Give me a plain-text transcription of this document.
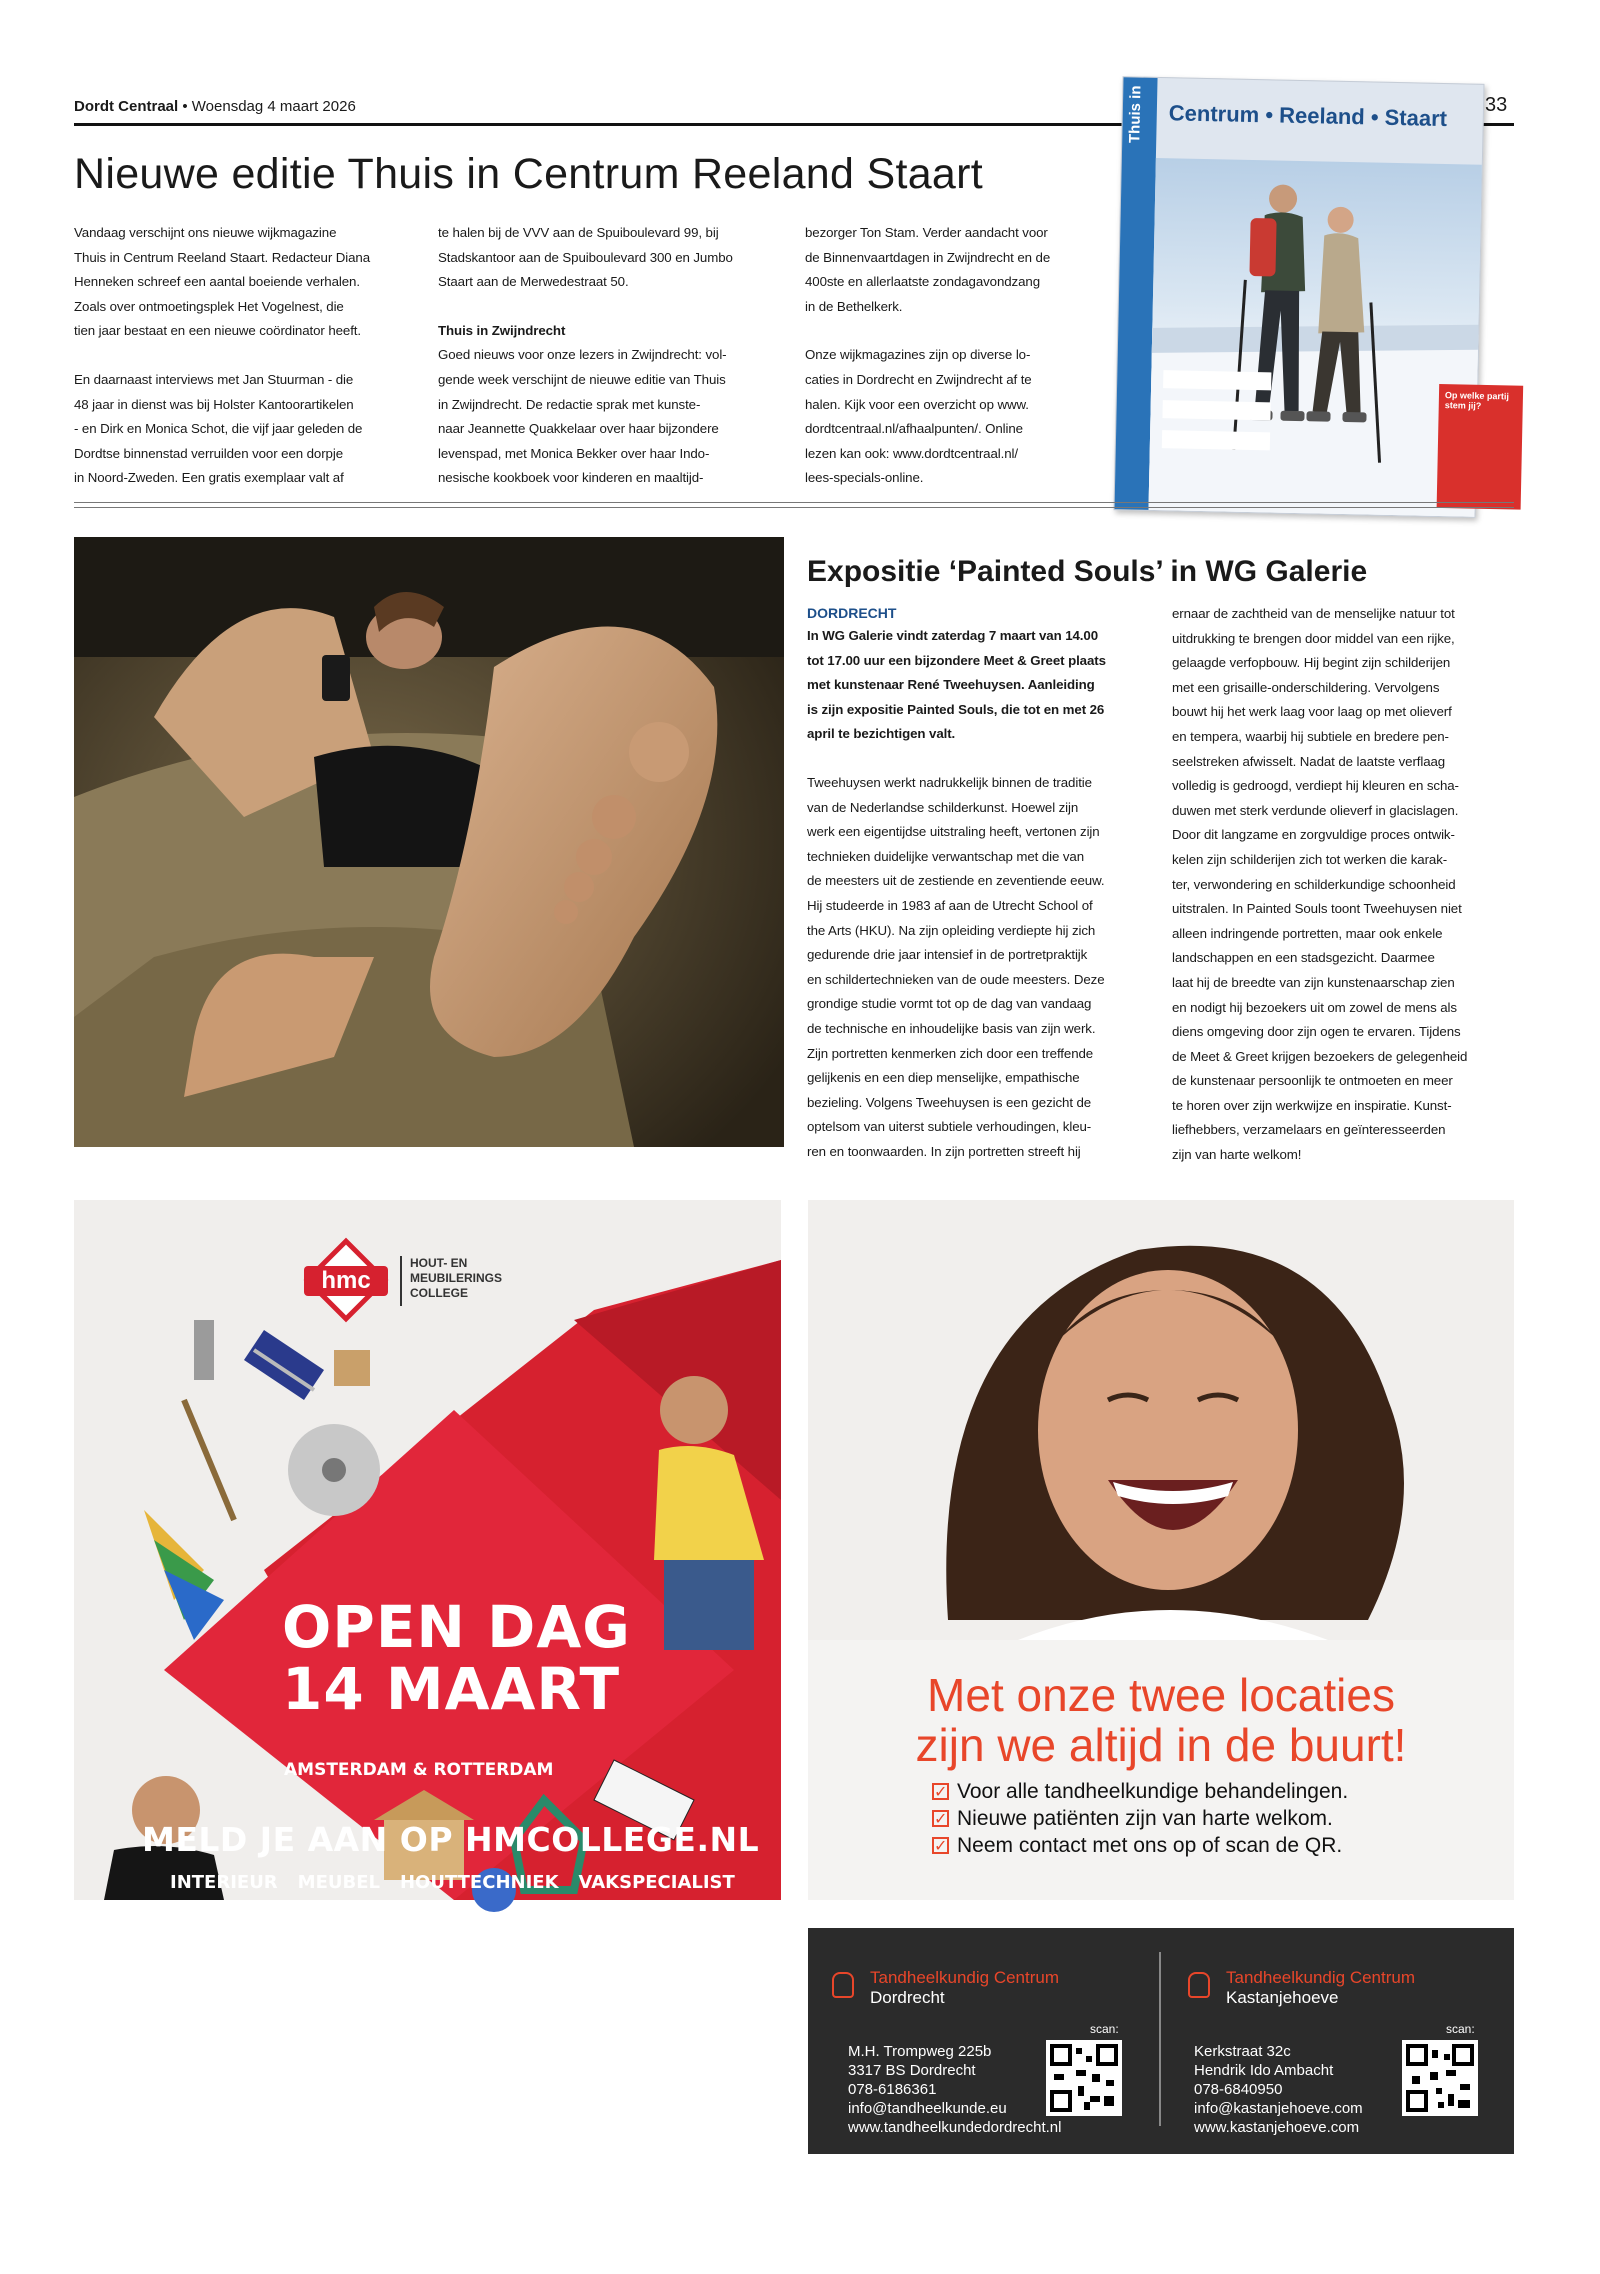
Dordt Centraal • Woensdag 4 maart 2026	33
Nieuwe editie Thuis in Centrum Reeland Staart

Vandaag verschijnt ons nieuwe wijkmagazine

Thuis in Centrum Reeland Staart. Redacteur Diana

Henneken schreef een aantal boeiende verhalen.

Zoals over ontmoetingsplek Het Vogelnest, die

tien jaar bestaat en een nieuwe coördinator heeft.

En daarnaast interviews met Jan Stuurman - die

48 jaar in dienst was bij Holster Kantoorartikelen

- en Dirk en Monica Schot, die vijf jaar geleden de

Dordtse binnenstad verruilden voor een dorpje

in Noord-Zweden. Een gratis exemplaar valt af

te halen bij de VVV aan de Spuiboulevard 99, bij

Stadskantoor aan de Spuiboulevard 300 en Jumbo

Staart aan de Merwedestraat 50.

Thuis in Zwijndrecht

Goed nieuws voor onze lezers in Zwijndrecht: vol-

gende week verschijnt de nieuwe editie van Thuis

in Zwijndrecht. De redactie sprak met kunste-

naar Jeannette Quakkelaar over haar bijzondere

levenspad, met Monica Bekker over haar Indo-

nesische kookboek voor kinderen en maaltijd-

bezorger Ton Stam. Verder aandacht voor

de Binnenvaartdagen in Zwijndrecht en de

400ste en allerlaatste zondagavondzang

in de Bethelkerk.

Onze wijkmagazines zijn op diverse lo-

caties in Dordrecht en Zwijndrecht af te

halen. Kijk voor een overzicht op www.

dordtcentraal.nl/afhaalpunten/. Online

lezen kan ook: www.dordtcentraal.nl/

lees-specials-online.

Thuis in Centrum • Reeland • Staart
Op welke partij stem jij?
Expositie ‘Painted Souls’ in WG Galerie
DORDRECHT

In WG Galerie vindt zaterdag 7 maart van 14.00

tot 17.00 uur een bijzondere Meet & Greet plaats

met kunstenaar René Tweehuysen. Aanleiding

is zijn expositie Painted Souls, die tot en met 26

april te bezichtigen valt.

Tweehuysen werkt nadrukkelijk binnen de traditie

van de Nederlandse schilderkunst. Hoewel zijn

werk een eigentijdse uitstraling heeft, vertonen zijn

technieken duidelijke verwantschap met die van

de meesters uit de zestiende en zeventiende eeuw.

Hij studeerde in 1983 af aan de Utrecht School of

the Arts (HKU). Na zijn opleiding verdiepte hij zich

gedurende drie jaar intensief in de portretpraktijk

en schildertechnieken van de oude meesters. Deze

grondige studie vormt tot op de dag van vandaag

de technische en inhoudelijke basis van zijn werk.

Zijn portretten kenmerken zich door een treffende

gelijkenis en een diep menselijke, empathische

bezieling. Volgens Tweehuysen is een gezicht de

optelsom van uiterst subtiele verhoudingen, kleu-

ren en toonwaarden. In zijn portretten streeft hij

ernaar de zachtheid van de menselijke natuur tot

uitdrukking te brengen door middel van een rijke,

gelaagde verfopbouw. Hij begint zijn schilderijen

met een grisaille-onderschildering. Vervolgens

bouwt hij het werk laag voor laag op met olieverf

en tempera, waarbij hij subtiele en bredere pen-

seelstreken afwisselt. Nadat de laatste verflaag

volledig is gedroogd, verdiept hij kleuren en scha-

duwen met sterk verdunde olieverf in glacislagen.

Door dit langzame en zorgvuldige proces ontwik-

kelen zijn schilderijen zich tot werken die karak-

ter, verwondering en schilderkundige schoonheid

uitstralen. In Painted Souls toont Tweehuysen niet

alleen indringende portretten, maar ook enkele

landschappen en een stadsgezicht. Daarmee

laat hij de breedte van zijn kunstenaarschap zien

en nodigt hij bezoekers uit om zowel de mens als

diens omgeving door zijn ogen te ervaren. Tijdens

de Meet & Greet krijgen bezoekers de gelegenheid

de kunstenaar persoonlijk te ontmoeten en meer

te horen over zijn werkwijze en inspiratie. Kunst-

liefhebbers, verzamelaars en geïnteresseerden

zijn van harte welkom!

hmc
HOUT- EN
MEUBILERINGS
COLLEGE
OPEN DAG
14 MAART
AMSTERDAM & ROTTERDAM
MELD JE AAN OP HMCOLLEGE.NL
INTERIEUR MEUBEL HOUTTECHNIEK VAKSPECIALIST
Met onze twee locaties
zijn we altijd in de buurt!
✓ Voor alle tandheelkundige behandelingen.
✓ Nieuwe patiënten zijn van harte welkom.
✓ Neem contact met ons op of scan de QR.
Tandheelkundig Centrum
Dordrecht
scan:
M.H. Trompweg 225b
3317 BS Dordrecht
078-6186361
info@tandheelkunde.eu
www.tandheelkundedordrecht.nl
Tandheelkundig Centrum
Kastanjehoeve
scan:
Kerkstraat 32c
Hendrik Ido Ambacht
078-6840950
info@kastanjehoeve.com
www.kastanjehoeve.com
